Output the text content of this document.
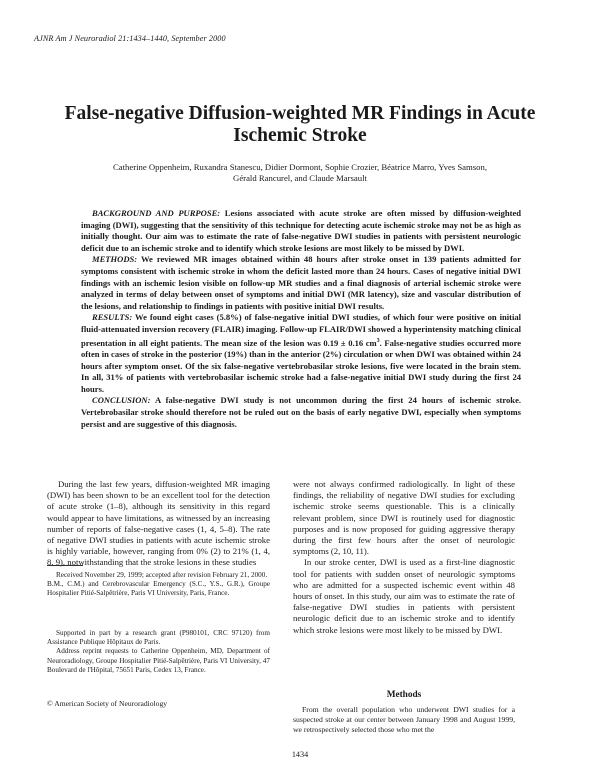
AJNR Am J Neuroradiol 21:1434–1440, September 2000
False-negative Diffusion-weighted MR Findings in Acute
Ischemic Stroke
Catherine Oppenheim, Ruxandra Stanescu, Didier Dormont, Sophie Crozier, Béatrice Marro, Yves Samson,
Gérald Rancurel, and Claude Marsault

BACKGROUND AND PURPOSE: Lesions associated with acute stroke are often missed by diffusion-weighted imaging (DWI), suggesting that the sensitivity of this technique for detecting acute ischemic stroke may not be as high as initially thought. Our aim was to estimate the rate of false-negative DWI studies in patients with persistent neurologic deficit due to an ischemic stroke and to identify which stroke lesions are most likely to be missed by DWI.

METHODS: We reviewed MR images obtained within 48 hours after stroke onset in 139 patients admitted for symptoms consistent with ischemic stroke in whom the deficit lasted more than 24 hours. Cases of negative initial DWI findings with an ischemic lesion visible on follow-up MR studies and a final diagnosis of arterial ischemic stroke were analyzed in terms of delay between onset of symptoms and initial DWI (MR latency), size and vascular distribution of the lesions, and relationship to findings in patients with positive initial DWI results.

RESULTS: We found eight cases (5.8%) of false-negative initial DWI studies, of which four were positive on initial fluid-attenuated inversion recovery (FLAIR) imaging. Follow-up FLAIR/DWI showed a hyperintensity matching clinical presentation in all eight patients. The mean size of the lesion was 0.19 ± 0.16 $cm^3$. False-negative studies occurred more often in cases of stroke in the posterior (19%) than in the anterior (2%) circulation or when DWI was obtained within 24 hours after symptom onset. Of the six false-negative vertebrobasilar stroke lesions, five were located in the brain stem. In all, 31% of patients with vertebrobasilar ischemic stroke had a false-negative initial DWI study during the first 24 hours.

CONCLUSION: A false-negative DWI study is not uncommon during the first 24 hours of ischemic stroke. Vertebrobasilar stroke should therefore not be ruled out on the basis of early negative DWI, especially when symptoms persist and are suggestive of this diagnosis.

During the last few years, diffusion-weighted MR imaging (DWI) has been shown to be an excellent tool for the detection of acute stroke (1–8), although its sensitivity in this regard would appear to have limitations, as witnessed by an increasing number of reports of false-negative cases (1, 4, 5–8). The rate of negative DWI studies in patients with acute ischemic stroke is highly variable, however, ranging from 0% (2) to 21% (1, 4, 8, 9), notwithstanding that the stroke lesions in these studies

Received November 29, 1999; accepted after revision February 21, 2000.

B.M., C.M.) and Cerebrovascular Emergency (S.C., Y.S., G.R.), Groupe Hospitalier Pitié-Salpêtrière, Paris VI University, Paris, France.

Supported in part by a research grant (P980101, CRC 97120) from Assistance Publique Hôpitaux de Paris.

Address reprint requests to Catherine Oppenheim, MD, Department of Neuroradiology, Groupe Hospitalier Pitié-Salpêtrière, Paris VI University, 47 Boulevard de l'Hôpital, 75651 Paris, Cedex 13, France.

© American Society of Neuroradiology

were not always confirmed radiologically. In light of these findings, the reliability of negative DWI studies for excluding ischemic stroke seems questionable. This is a clinically relevant problem, since DWI is routinely used for diagnostic purposes and is now proposed for guiding aggressive therapy during the first few hours after the onset of neurologic symptoms (2, 10, 11).

In our stroke center, DWI is used as a first-line diagnostic tool for patients with sudden onset of neurologic symptoms who are admitted for a suspected ischemic event within 48 hours of onset. In this study, our aim was to estimate the rate of false-negative DWI studies in patients with persistent neurologic deficit due to an ischemic stroke and to identify which stroke lesions were most likely to be missed by DWI.

Methods

From the overall population who underwent DWI studies for a suspected stroke at our center between January 1998 and August 1999, we retrospectively selected those who met the

1434
